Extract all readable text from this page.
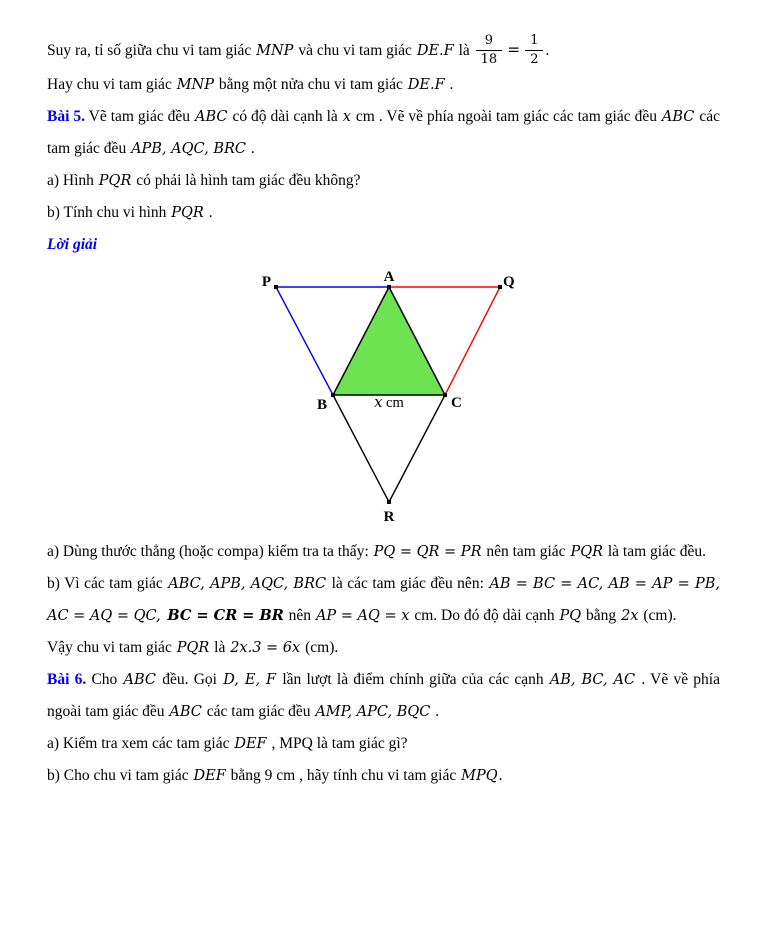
Suy ra, tỉ số giữa chu vi tam giác MNP và chu vi tam giác DE.F là $\frac{9}{18} = \frac{1}{2}$ .

Hay chu vi tam giác MNP bằng một nửa chu vi tam giác DE.F .

Bài 5. Vẽ tam giác đều ABC có độ dài cạnh là x cm . Vẽ về phía ngoài tam giác các tam giác đều ABC các tam giác đều APB, AQC, BRC .

a) Hình PQR có phải là hình tam giác đều không?

b) Tính chu vi hình PQR .

Lời giải

P	A	Q
B	C
R
x cm

a) Dùng thước thẳng (hoặc compa) kiểm tra ta thấy: PQ = QR = PR nên tam giác PQR là tam giác đều.

b) Vì các tam giác ABC, APB, AQC, BRC là các tam giác đều nên: AB = BC = AC, AB = AP = PB, AC = AQ = QC, BC = CR = BR nên AP = AQ = x cm. Do đó độ dài cạnh PQ bằng 2x (cm).

Vậy chu vi tam giác PQR là 2x.3 = 6x (cm).

Bài 6. Cho ABC đều. Gọi D, E, F lần lượt là điểm chính giữa của các cạnh AB, BC, AC . Vẽ về phía ngoài tam giác đều ABC các tam giác đều AMP, APC, BQC .

a) Kiểm tra xem các tam giác DEF , MPQ là tam giác gì?

b) Cho chu vi tam giác DEF bằng 9 cm , hãy tính chu vi tam giác MPQ.
